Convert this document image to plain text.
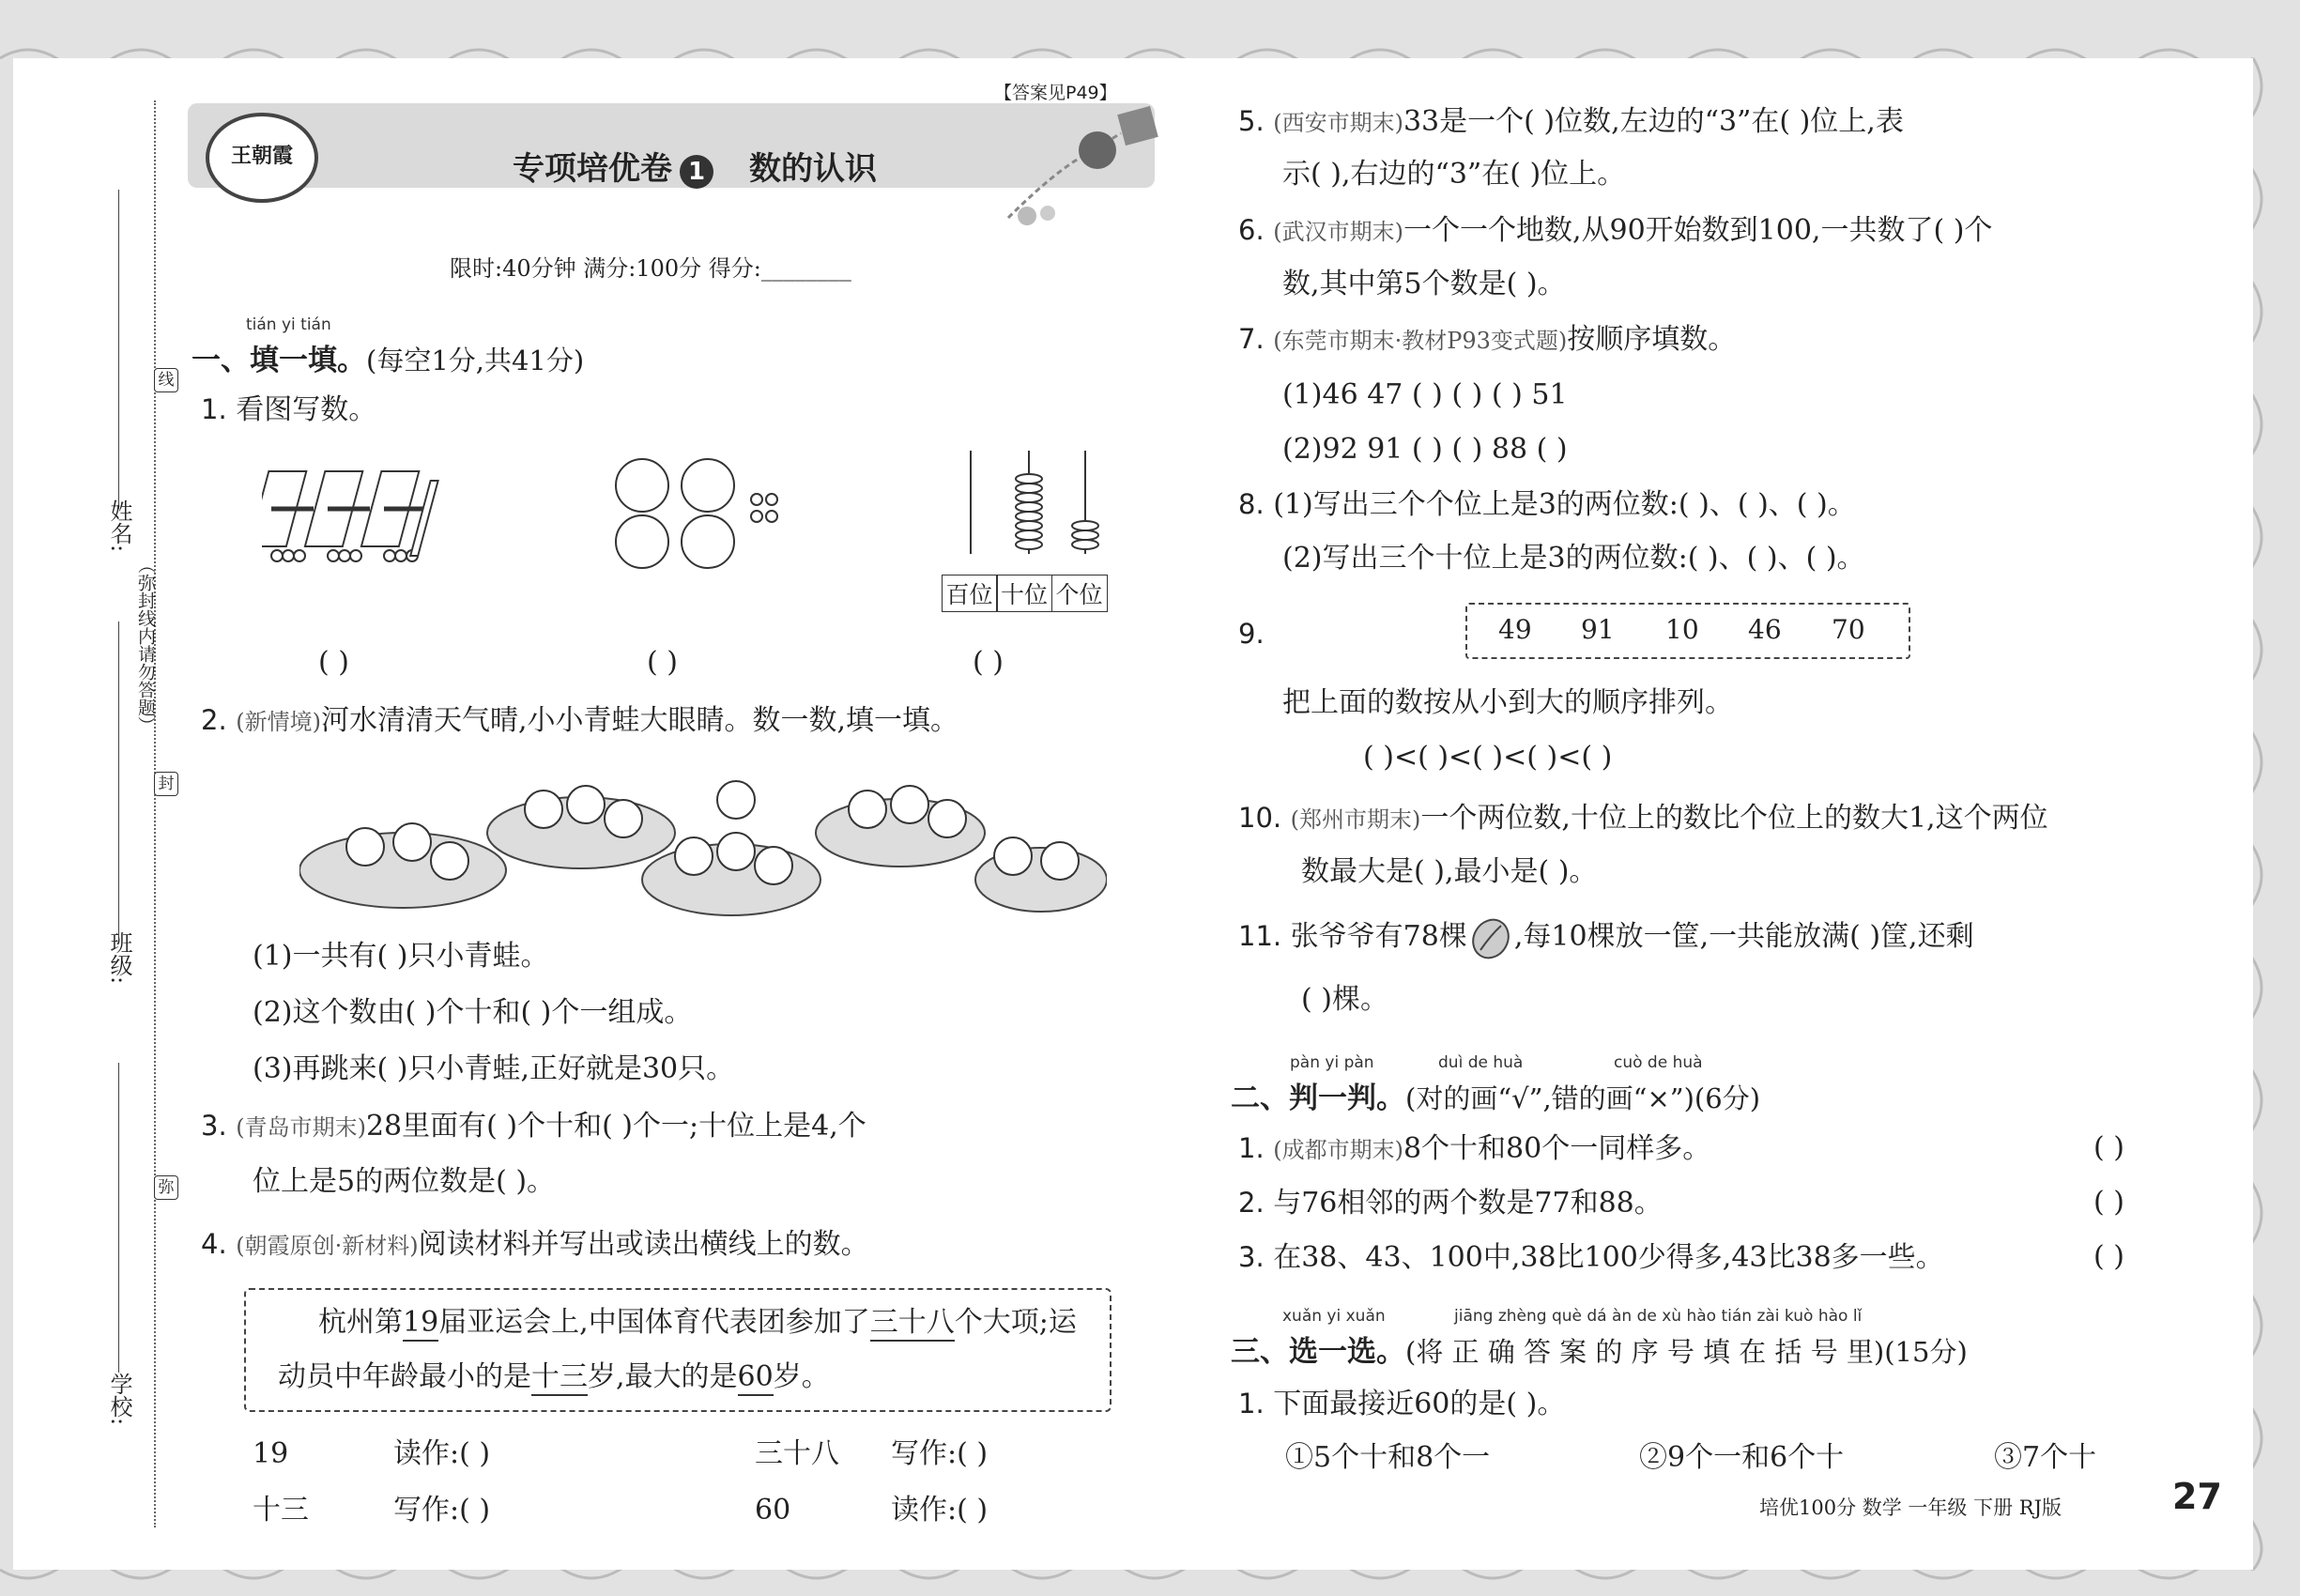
姓名:
班级:
学校:
（弥封线内请勿答题）
线
封
弥
【答案见P49】
王朝霞	专项培优卷 1 数的认识
限时:40分钟 满分:100分 得分:________
tián yi tián
一、填一填。(每空1分,共41分)
1. 看图写数。
百位 十位 个位
( )	( )	( )
2. (新情境)河水清清天气晴,小小青蛙大眼睛。数一数,填一填。
(1)一共有( )只小青蛙。
(2)这个数由( )个十和( )个一组成。
(3)再跳来( )只小青蛙,正好就是30只。
3. (青岛市期末)28里面有( )个十和( )个一;十位上是4,个
位上是5的两位数是( )。
4. (朝霞原创·新材料)阅读材料并写出或读出横线上的数。
杭州第19届亚运会上,中国体育代表团参加了三十八个大项;运
动员中年龄最小的是十三岁,最大的是60岁。
19	读作:( )	三十八 写作:( )
十三	写作:( )	60	读作:( )
5. (西安市期末)33是一个( )位数,左边的“3”在( )位上,表
示( ),右边的“3”在( )位上。
6. (武汉市期末)一个一个地数,从90开始数到100,一共数了( )个
数,其中第5个数是( )。
7. (东莞市期末·教材P93变式题)按顺序填数。
(1)46 47 ( ) ( ) ( ) 51
(2)92 91 ( ) ( ) 88 ( )
8. (1)写出三个个位上是3的两位数:( )、( )、( )。
(2)写出三个十位上是3的两位数:( )、( )、( )。
9.	49 91 10 46 70
把上面的数按从小到大的顺序排列。
( )<( )<( )<( )<( )
10. (郑州市期末)一个两位数,十位上的数比个位上的数大1,这个两位
数最大是( ),最小是( )。
11. 张爷爷有78棵 ,每10棵放一筐,一共能放满( )筐,还剩
( )棵。
pàn yi pàn	duì de huà	cuò de huà
二、判一判。(对的画“√”,错的画“×”)(6分)
1. (成都市期末)8个十和80个一同样多。	( )
2. 与76相邻的两个数是77和88。	( )
3. 在38、43、100中,38比100少得多,43比38多一些。	( )
xuǎn yi xuǎn	jiāng zhèng què dá àn de xù hào tián zài kuò hào lǐ
三、选一选。(将 正 确 答 案 的 序 号 填 在 括 号 里)(15分)
1. 下面最接近60的是( )。
①5个十和8个一	②9个一和6个十	③7个十
培优100分 数学 一年级 下册 RJ版	27
